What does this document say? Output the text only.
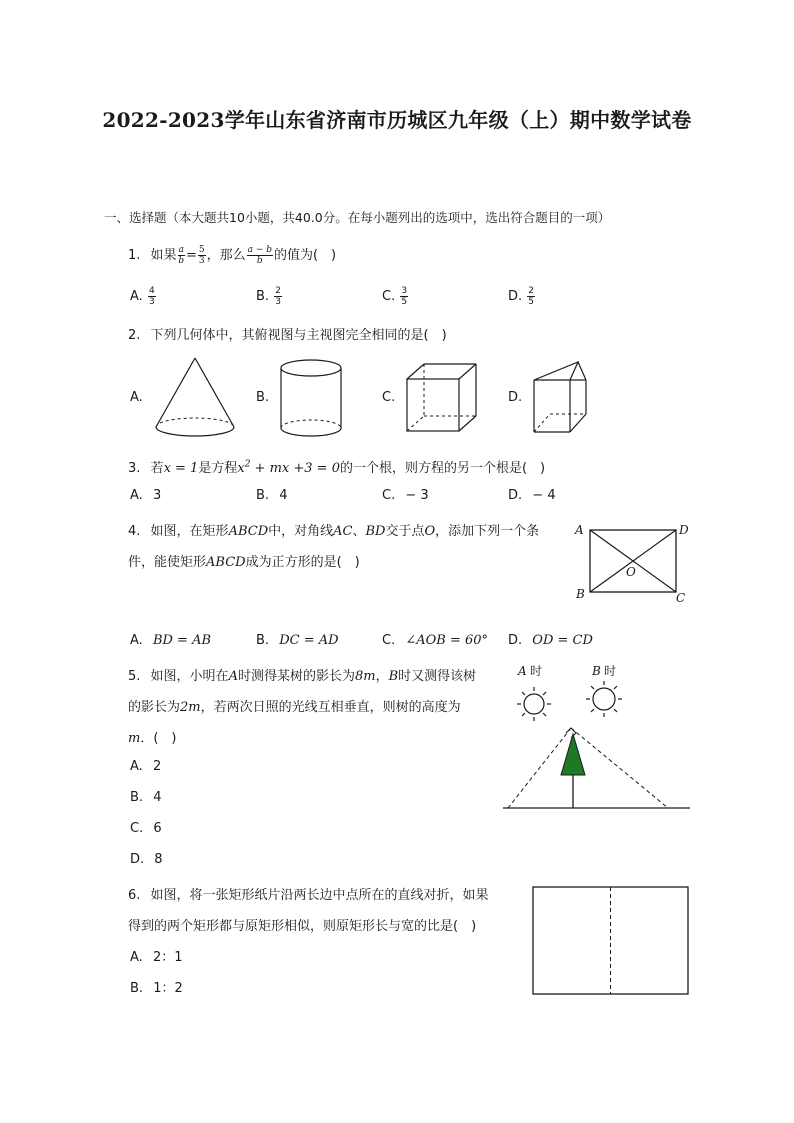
2022-2023学年山东省济南市历城区九年级（上）期中数学试卷
一、选择题（本大题共10小题，共40.0分。在每小题列出的选项中，选出符合题目的一项）
1. 如果 $\frac{a}{b} = \frac{5}{3}$ ，那么 $\frac{a - b}{b}$ 的值为(　)
A. $\frac{4}{3}$	B. $\frac{2}{3}$	C. $\frac{3}{5}$	D. $\frac{2}{5}$
2. 下列几何体中，其俯视图与主视图完全相同的是(　)
A.	B.	C.	D.
3. 若x = 1是方程$x^2$ + mx +3 = 0的一个根，则方程的另一个根是(　)
A. 3	B. 4	C. − 3	D. − 4
4. 如图，在矩形ABCD中，对角线AC、BD交于点O，添加下列一个条
件，能使矩形ABCD成为正方形的是(　)
A	D
B	C
O
A. BD = AB	B. DC = AD	C. ∠AOB = 60° D. OD = CD
5. 如图，小明在A时测得某树的影长为8m，B时又测得该树
的影长为2m，若两次日照的光线互相垂直，则树的高度为
m．(　)
A. 2
B. 4
C. 6
D. 8
A 时	B 时
6. 如图，将一张矩形纸片沿两长边中点所在的直线对折，如果
得到的两个矩形都与原矩形相似，则原矩形长与宽的比是(　)
A. 2：1
B. 1：2
